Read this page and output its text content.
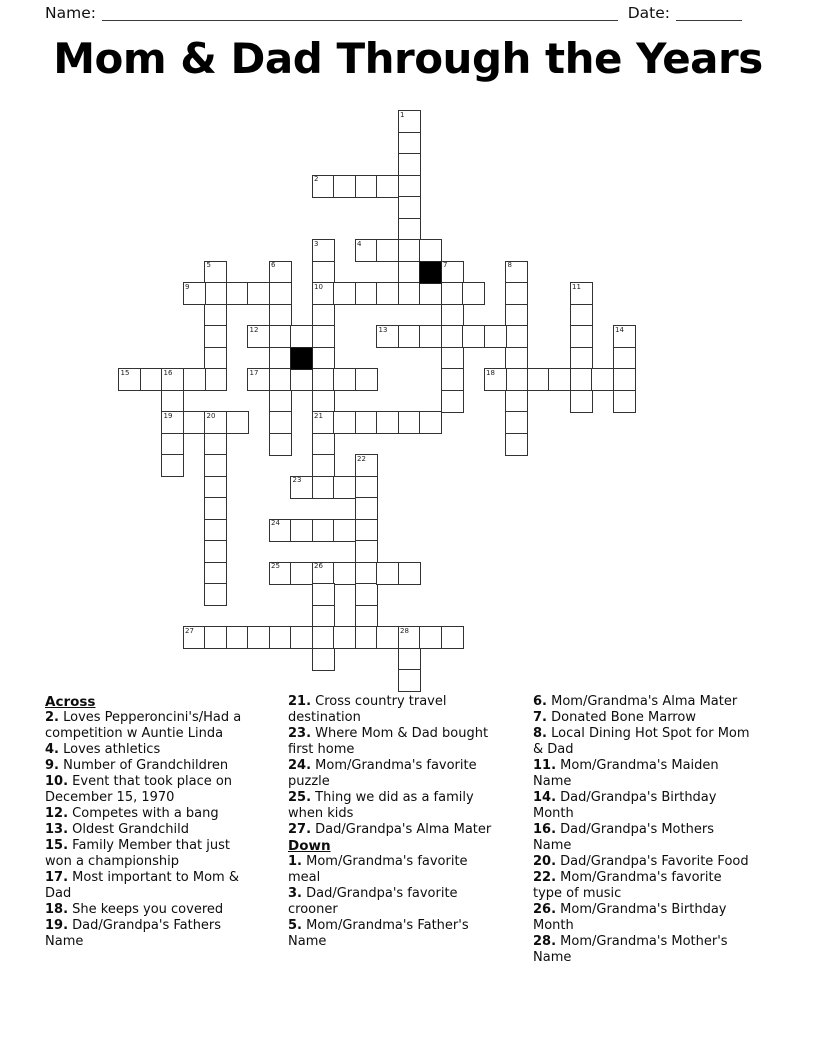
Name:	Date:
Mom & Dad Through the Years
1
2
3
10
21
4
5	6	7	8
9	11
12	13	14
15	16
19
17	18
20
22
23
24
25	26
27	28
Across
2. Loves Pepperoncini's/Had a competition w Auntie Linda
4. Loves athletics
9. Number of Grandchildren
10. Event that took place on December 15, 1970
12. Competes with a bang
13. Oldest Grandchild
15. Family Member that just won a championship
17. Most important to Mom & Dad
18. She keeps you covered
19. Dad/Grandpa's Fathers Name
21. Cross country travel destination
23. Where Mom & Dad bought first home
24. Mom/Grandma's favorite puzzle
25. Thing we did as a family when kids
27. Dad/Grandpa's Alma Mater
Down
1. Mom/Grandma's favorite meal
3. Dad/Grandpa's favorite crooner
5. Mom/Grandma's Father's Name
6. Mom/Grandma's Alma Mater
7. Donated Bone Marrow
8. Local Dining Hot Spot for Mom & Dad
11. Mom/Grandma's Maiden Name
14. Dad/Grandpa's Birthday Month
16. Dad/Grandpa's Mothers Name
20. Dad/Grandpa's Favorite Food
22. Mom/Grandma's favorite type of music
26. Mom/Grandma's Birthday Month
28. Mom/Grandma's Mother's Name
